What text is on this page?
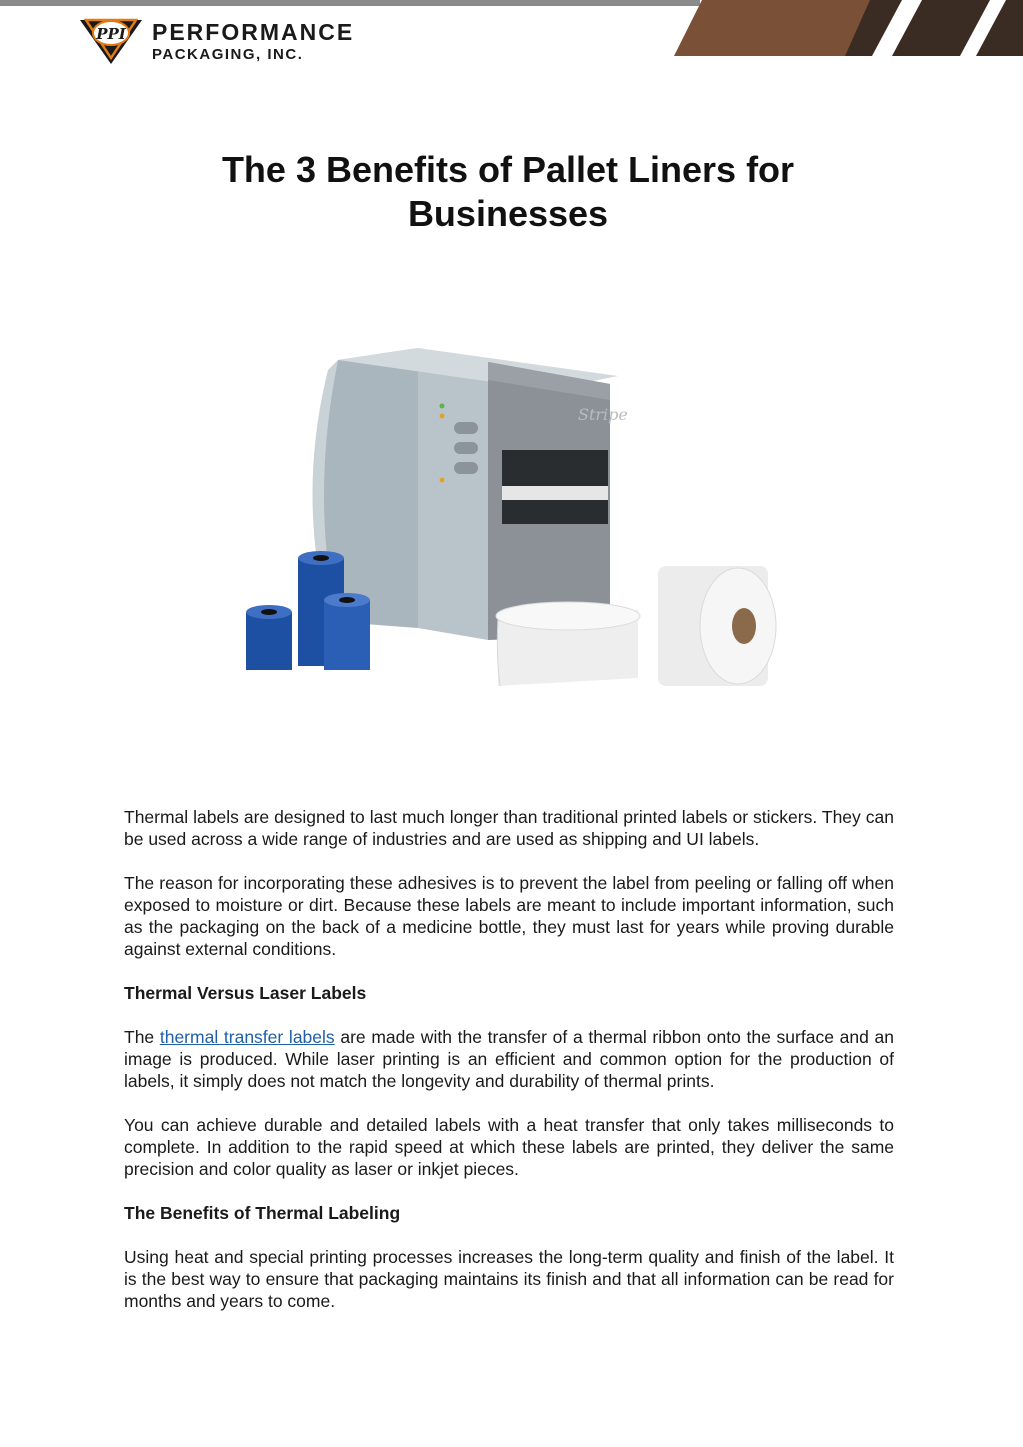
PPI PERFORMANCE
PACKAGING, INC.
The 3 Benefits of Pallet Liners for Businesses
Stripe

Thermal labels are designed to last much longer than traditional printed labels or stickers. They can be used across a wide range of industries and are used as shipping and UI labels.

The reason for incorporating these adhesives is to prevent the label from peeling or falling off when exposed to moisture or dirt. Because these labels are meant to include important information, such as the packaging on the back of a medicine bottle, they must last for years while proving durable against external conditions.

Thermal Versus Laser Labels

The thermal transfer labels are made with the transfer of a thermal ribbon onto the surface and an image is produced. While laser printing is an efficient and common option for the production of labels, it simply does not match the longevity and durability of thermal prints.

You can achieve durable and detailed labels with a heat transfer that only takes milliseconds to complete. In addition to the rapid speed at which these labels are printed, they deliver the same precision and color quality as laser or inkjet pieces.

The Benefits of Thermal Labeling

Using heat and special printing processes increases the long-term quality and finish of the label. It is the best way to ensure that packaging maintains its finish and that all information can be read for months and years to come.
